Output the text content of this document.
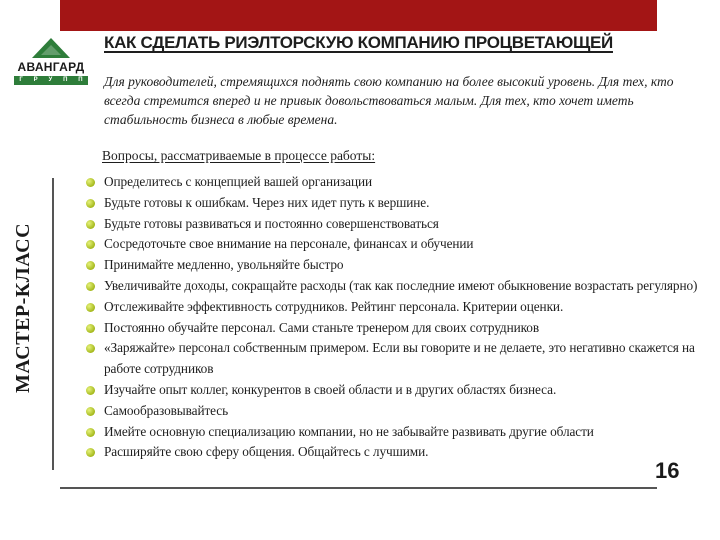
КАК СДЕЛАТЬ РИЭЛТОРСКУЮ КОМПАНИЮ ПРОЦВЕТАЮЩЕЙ
АВАНГАРД
Г Р У П П Для руководителей, стремящихся поднять свою компанию на более высокий уровень. Для тех, кто всегда стремится вперед и не привык довольствоваться малым. Для тех, кто хочет иметь стабильность бизнеса в любые времена.
МАСТЕР-КЛАСС
Вопросы, рассматриваемые в процессе работы:
Определитесь с концепцией вашей организации
Будьте готовы к ошибкам. Через них идет путь к вершине.
Будьте готовы развиваться и постоянно совершенствоваться
Сосредоточьте свое внимание на персонале, финансах и обучении
Принимайте медленно, увольняйте быстро
Увеличивайте доходы, сокращайте расходы (так как последние имеют обыкновение возрастать регулярно)
Отслеживайте эффективность сотрудников. Рейтинг персонала. Критерии оценки.
Постоянно обучайте персонал. Сами станьте тренером для своих сотрудников
«Заряжайте» персонал собственным примером. Если вы говорите и не делаете, это негативно скажется на работе сотрудников
Изучайте опыт коллег, конкурентов в своей области и в других областях бизнеса.
Самообразовывайтесь
Имейте основную специализацию компании, но не забывайте развивать другие области
Расширяйте свою сферу общения. Общайтесь с лучшими.
16
